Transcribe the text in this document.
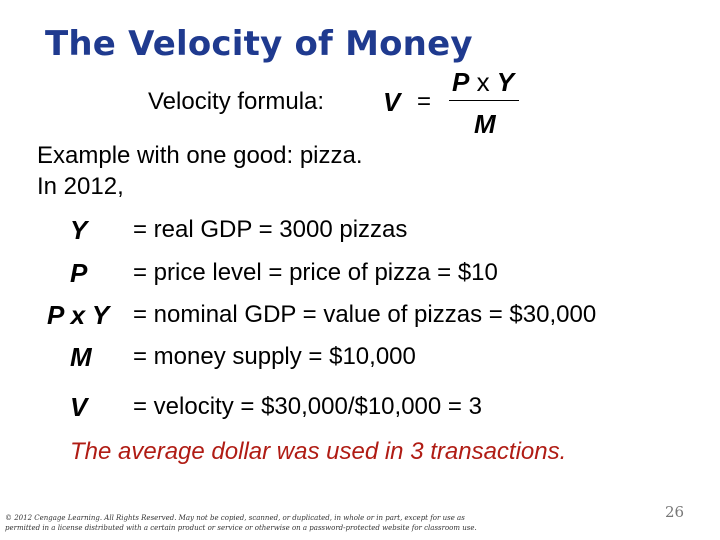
The Velocity of Money
Velocity formula: V =
P x Y
M
Example with one good: pizza.
In 2012,
Y = real GDP = 3000 pizzas
P = price level = price of pizza = $10
P x Y = nominal GDP = value of pizzas = $30,000
M = money supply = $10,000
V = velocity = $30,000/$10,000 = 3
The average dollar was used in 3 transactions.
© 2012 Cengage Learning. All Rights Reserved. May not be copied, scanned, or duplicated, in whole or in part, except for use as
permitted in a license distributed with a certain product or service or otherwise on a password-protected website for classroom use.
26
